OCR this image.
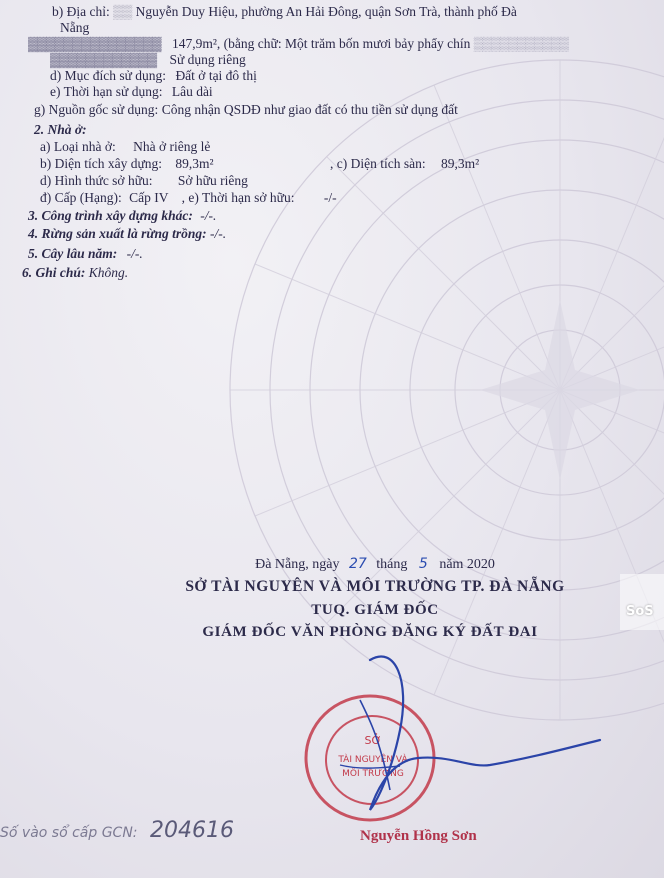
b) Địa chỉ: ▒▒ Nguyễn Duy Hiệu, phường An Hải Đông, quận Sơn Trà, thành phố Đà
Nẵng
▓▓▓▓▓▓▓▓▓▓▓▓▓▓▓ 147,9m², (bằng chữ: Một trăm bốn mươi bảy phẩy chín ▒▒▒▒▒▒▒▒▒▒▒
▓▓▓▓▓▓▓▓▓▓▓▓ Sử dụng riêng
d) Mục đích sử dụng: Đất ở tại đô thị
e) Thời hạn sử dụng: Lâu dài
g) Nguồn gốc sử dụng: Công nhận QSDĐ như giao đất có thu tiền sử dụng đất
2. Nhà ở:
a) Loại nhà ở: Nhà ở riêng lẻ
b) Diện tích xây dựng: 89,3m²	, c) Diện tích sàn: 89,3m²
d) Hình thức sở hữu: Sở hữu riêng
đ) Cấp (Hạng): Cấp IV , e) Thời hạn sở hữu: -/-
3. Công trình xây dựng khác: -/-.
4. Rừng sản xuất là rừng trồng: -/-.
5. Cây lâu năm: -/-.
6. Ghi chú: Không.
Đà Nẵng, ngày 27 tháng 5 năm 2020
SỞ TÀI NGUYÊN VÀ MÔI TRƯỜNG TP. ĐÀ NẴNG
TUQ. GIÁM ĐỐC
GIÁM ĐỐC VĂN PHÒNG ĐĂNG KÝ ĐẤT ĐAI
SỞ
TÀI NGUYÊN VÀ
MÔI TRƯỜNG
Nguyễn Hồng Sơn
Số vào sổ cấp GCN: 204616
SoS
